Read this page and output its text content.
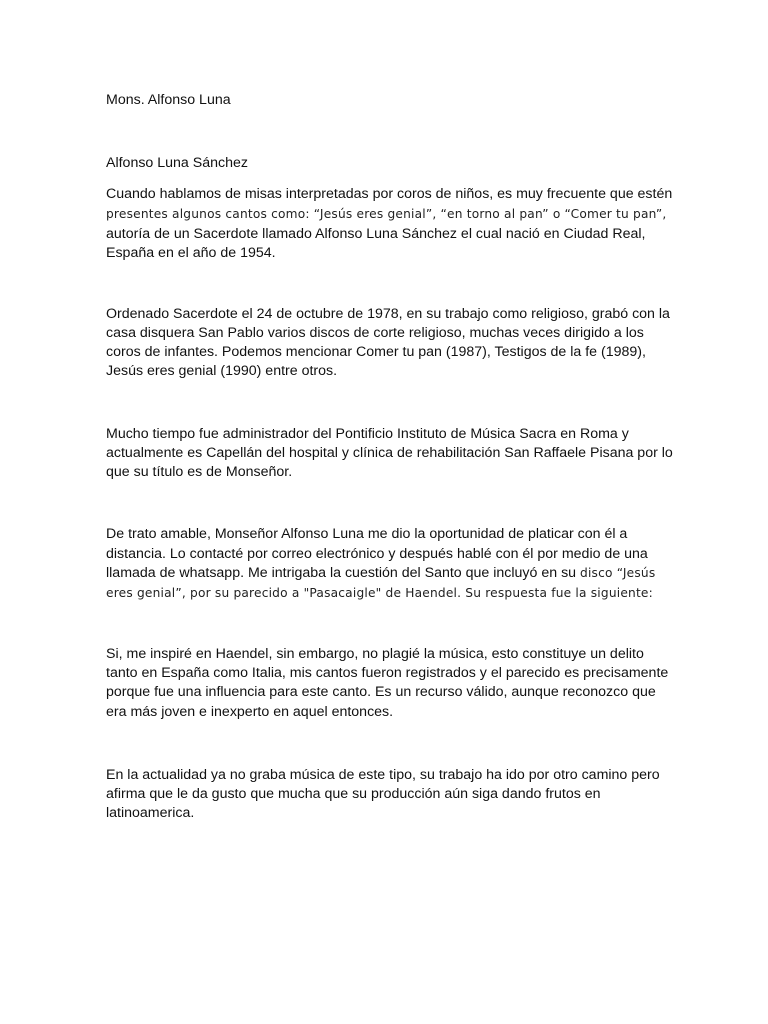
Mons. Alfonso Luna
Alfonso Luna Sánchez
Cuando hablamos de misas interpretadas por coros de niños, es muy frecuente que estén
presentes algunos cantos como: “Jesús eres genial”, “en torno al pan” o “Comer tu pan”,
autoría de un Sacerdote llamado Alfonso Luna Sánchez el cual nació en Ciudad Real,
España en el año de 1954.
Ordenado Sacerdote el 24 de octubre de 1978, en su trabajo como religioso, grabó con la
casa disquera San Pablo varios discos de corte religioso, muchas veces dirigido a los
coros de infantes. Podemos mencionar Comer tu pan (1987), Testigos de la fe (1989),
Jesús eres genial (1990) entre otros.
Mucho tiempo fue administrador del Pontificio Instituto de Música Sacra en Roma y
actualmente es Capellán del hospital y clínica de rehabilitación San Raffaele Pisana por lo
que su título es de Monseñor.
De trato amable, Monseñor Alfonso Luna me dio la oportunidad de platicar con él a
distancia. Lo contacté por correo electrónico y después hablé con él por medio de una
llamada de whatsapp. Me intrigaba la cuestión del Santo que incluyó en su disco “Jesús
eres genial”, por su parecido a "Pasacaigle" de Haendel. Su respuesta fue la siguiente:
Si, me inspiré en Haendel, sin embargo, no plagié la música, esto constituye un delito
tanto en España como Italia, mis cantos fueron registrados y el parecido es precisamente
porque fue una influencia para este canto. Es un recurso válido, aunque reconozco que
era más joven e inexperto en aquel entonces.
En la actualidad ya no graba música de este tipo, su trabajo ha ido por otro camino pero
afirma que le da gusto que mucha que su producción aún siga dando frutos en
latinoamerica.
